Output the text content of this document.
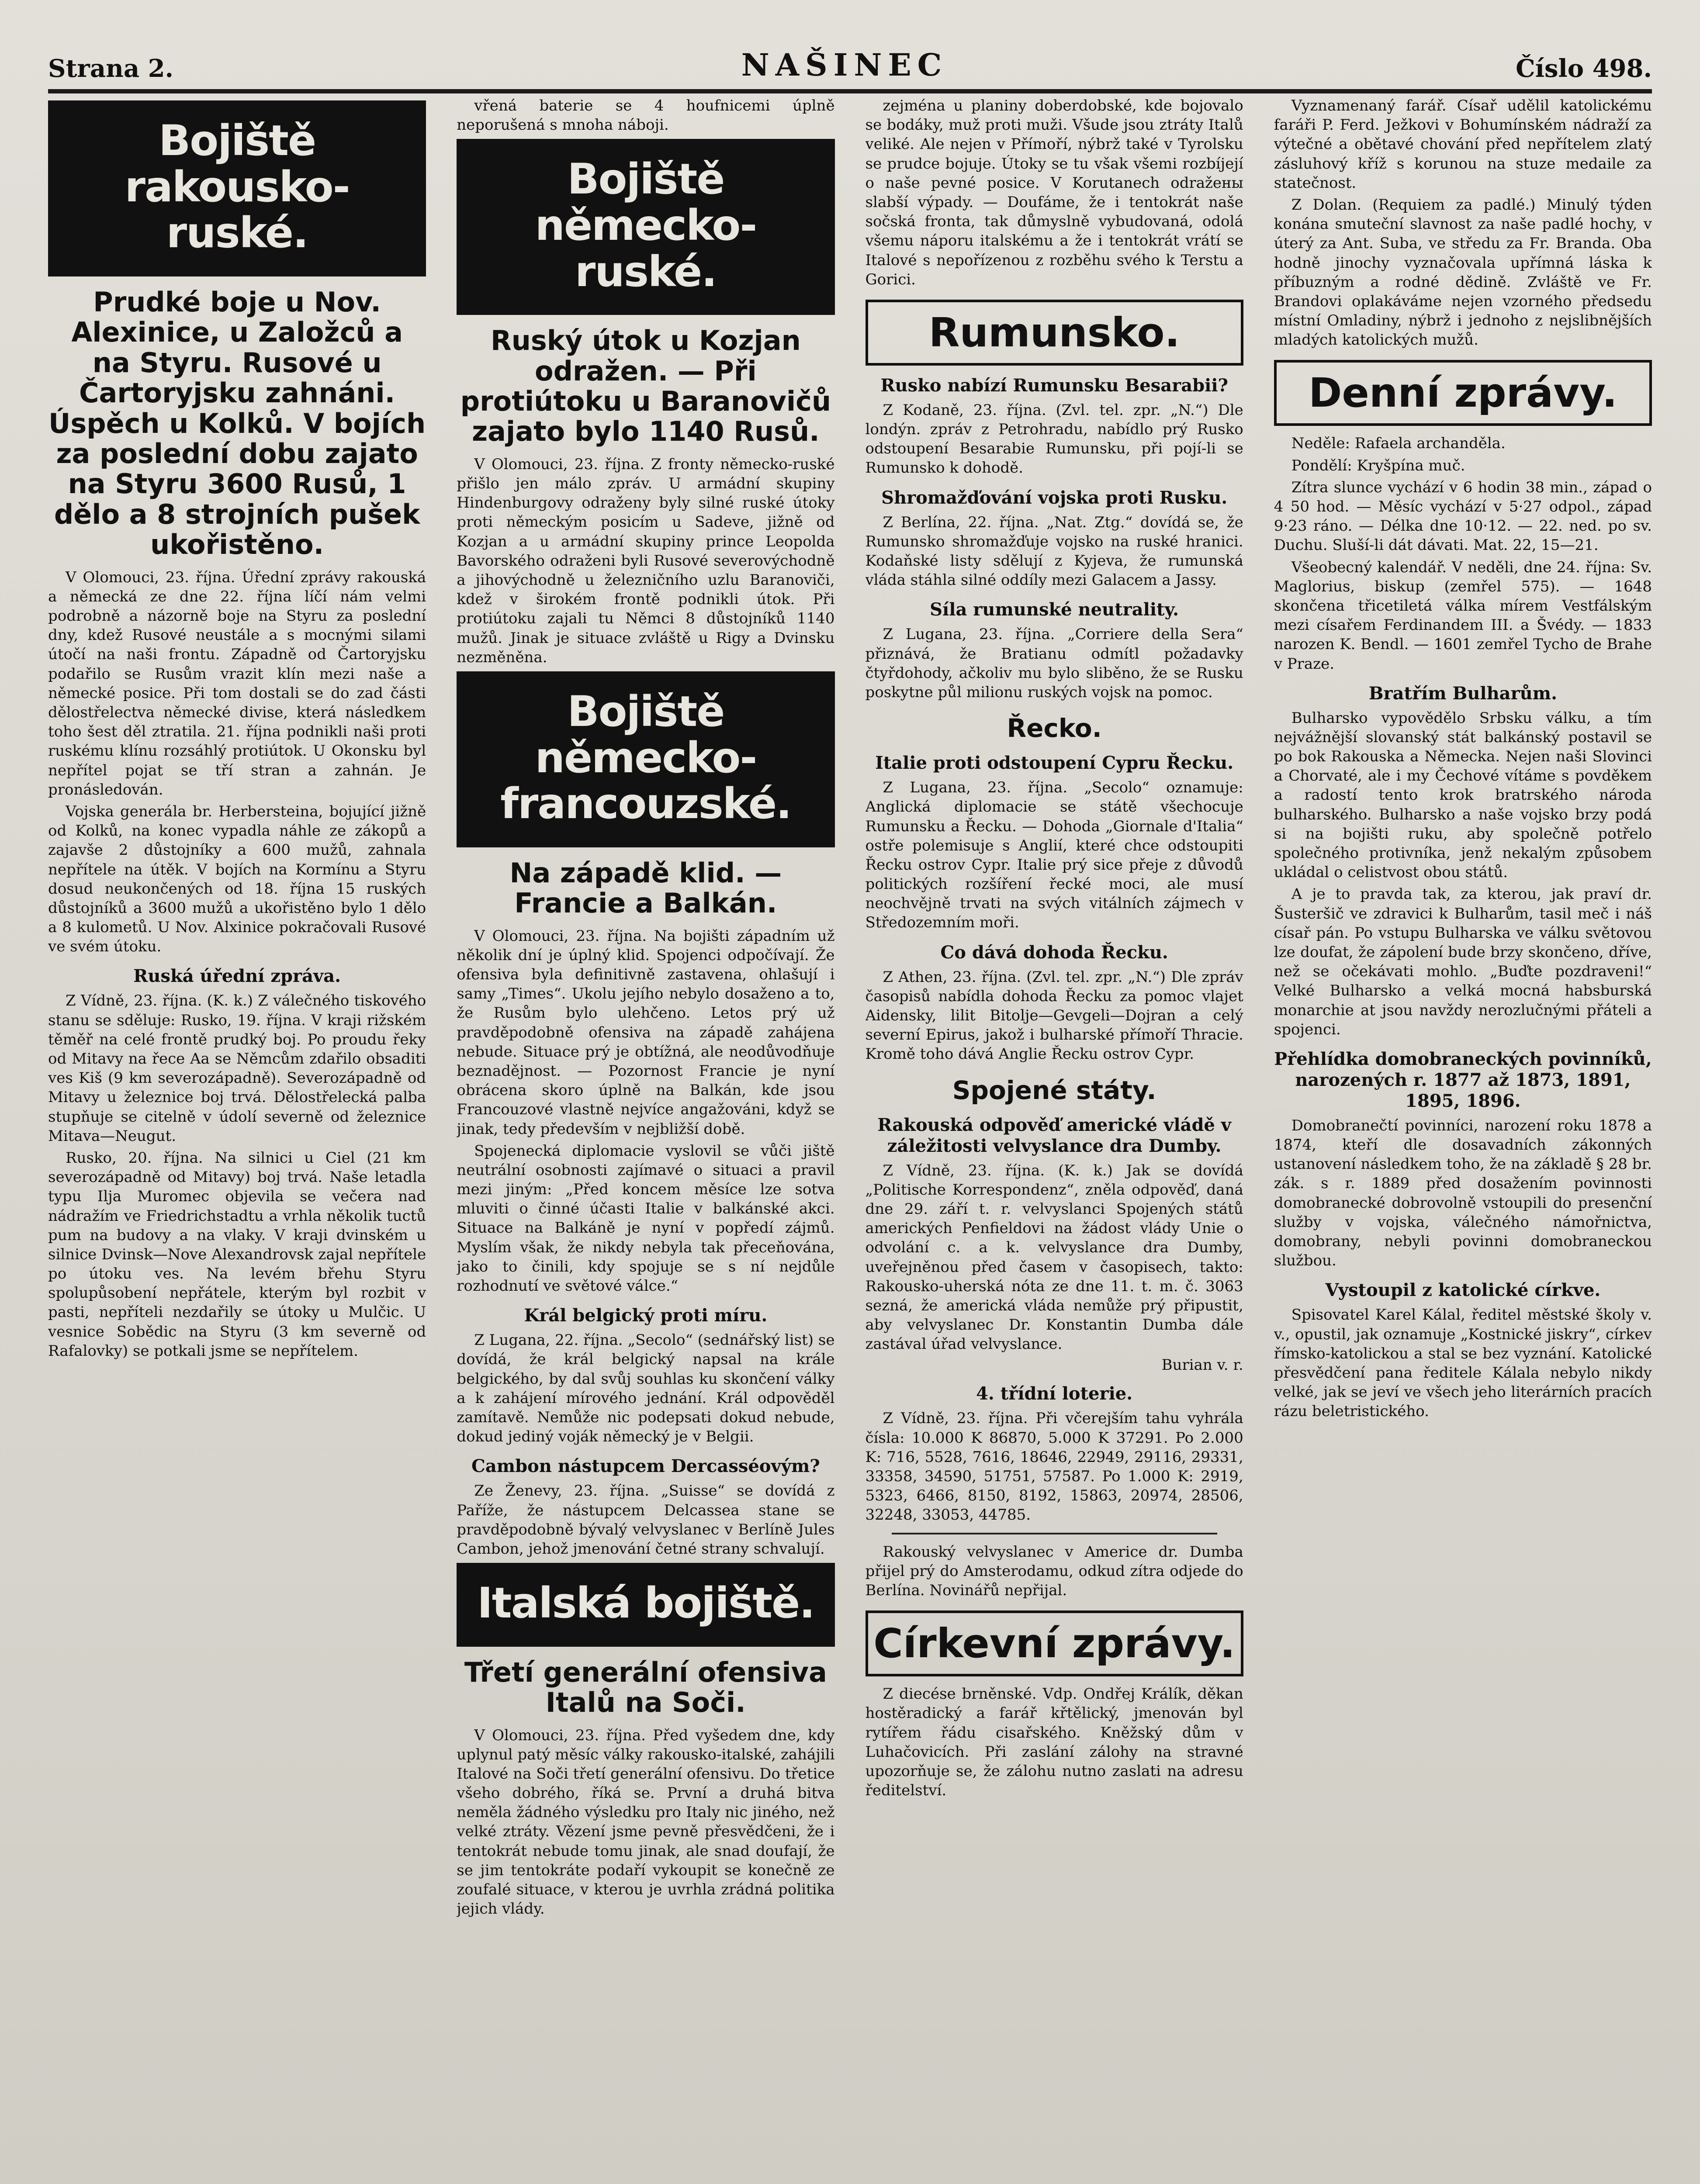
Strana 2.	NAŠINEC	Číslo 498.
Bojiště rakousko-ruské.
Prudké boje u Nov. Alexinice, u Založců a na Styru. Rusové u Čartoryjsku zahnáni. Úspěch u Kolků. V bojích za poslední dobu zajato na Styru 3600 Rusů, 1 dělo a 8 strojních pušek ukořistěno.

V Olomouci, 23. října. Úřední zprávy rakouská a německá ze dne 22. října líčí nám velmi podrobně a názorně boje na Styru za poslední dny, kdež Rusové neustále a s mocnými silami útočí na naši frontu. Západně od Čartoryjsku podařilo se Rusům vrazit klín mezi naše a německé posice. Při tom dostali se do zad části dělostřelectva německé divise, která následkem toho šest děl ztratila. 21. října podnikli naši proti ruskému klínu rozsáhlý protiútok. U Okonsku byl nepřítel pojat se tří stran a zahnán. Je pronásledován.

Vojska generála br. Herbersteina, bojující jižně od Kolků, na konec vypadla náhle ze zákopů a zajavše 2 důstojníky a 600 mužů, zahnala nepřítele na útěk. V bojích na Kormínu a Styru dosud neukončených od 18. října 15 ruských důstojníků a 3600 mužů a ukořistěno bylo 1 dělo a 8 kulometů. U Nov. Alxinice pokračovali Rusové ve svém útoku.

Ruská úřední zpráva.

Z Vídně, 23. října. (K. k.) Z válečného tiskového stanu se sděluje: Rusko, 19. října. V kraji rižském těměř na celé frontě prudký boj. Po proudu řeky od Mitavy na řece Aa se Němcům zdařilo obsaditi ves Kiš (9 km severozápadně). Severozápadně od Mitavy u železnice boj trvá. Dělostřelecká palba stupňuje se citelně v údolí severně od železnice Mitava—Neugut.

Rusko, 20. října. Na silnici u Ciel (21 km severozápadně od Mitavy) boj trvá. Naše letadla typu Ilja Muromec objevila se večera nad nádražím ve Friedrichstadtu a vrhla několik tuctů pum na budovy a na vlaky. V kraji dvinském u silnice Dvinsk—Nove Alexandrovsk zajal nepřítele po útoku ves. Na levém břehu Styru spolupůsobení nepřátele, kterým byl rozbit v pasti, nepříteli nezdařily se útoky u Mulčic. U vesnice Sobědic na Styru (3 km severně od Rafalovky) se potkali jsme se nepřítelem.

vřená baterie se 4 houfnicemi úplně neporušená s mnoha náboji.

Bojiště německo-ruské.
Ruský útok u Kozjan odražen. — Při protiútoku u Baranovičů zajato bylo 1140 Rusů.

V Olomouci, 23. října. Z fronty německo-ruské přišlo jen málo zpráv. U armádní skupiny Hindenburgovy odraženy byly silné ruské útoky proti německým posicím u Sadeve, jižně od Kozjan a u armádní skupiny prince Leopolda Bavorského odraženi byli Rusové severovýchodně a jihovýchodně u železničního uzlu Baranoviči, kdež v širokém frontě podnikli útok. Při protiútoku zajali tu Němci 8 důstojníků 1140 mužů. Jinak je situace zvláště u Rigy a Dvinsku nezměněna.

Bojiště německo-francouzské.
Na západě klid. — Francie a Balkán.

V Olomouci, 23. října. Na bojišti západním už několik dní je úplný klid. Spojenci odpočívají. Že ofensiva byla definitivně zastavena, ohlašují i samy „Times“. Ukolu jejího nebylo dosaženo a to, že Rusům bylo ulehčeno. Letos prý už pravděpodobně ofensiva na západě zahájena nebude. Situace prý je obtížná, ale neodůvodňuje beznadějnost. — Pozornost Francie je nyní obrácena skoro úplně na Balkán, kde jsou Francouzové vlastně nejvíce angažováni, když se jinak, tedy především v nejbližší době.

Spojenecká diplomacie vyslovil se vůči jiště neutrální osobnosti zajímavé o situaci a pravil mezi jiným: „Před koncem měsíce lze sotva mluviti o činné účasti Italie v balkánské akci. Situace na Balkáně je nyní v popředí zájmů. Myslím však, že nikdy nebyla tak přeceňována, jako to činili, kdy spojuje se s ní nejdůle rozhodnutí ve světové válce.“

Král belgický proti míru.

Z Lugana, 22. října. „Secolo“ (sednářský list) se dovídá, že král belgický napsal na krále belgického, by dal svůj souhlas ku skončení války a k zahájení mírového jednání. Král odpověděl zamítavě. Nemůže nic podepsati dokud nebude, dokud jediný voják německý je v Belgii.

Cambon nástupcem Dercasséovým?

Ze Ženevy, 23. října. „Suisse“ se dovídá z Paříže, že nástupcem Delcassea stane se pravděpodobně bývalý velvyslanec v Berlíně Jules Cambon, jehož jmenování četné strany schvalují.

Italská bojiště.
Třetí generální ofensiva Italů na Soči.

V Olomouci, 23. října. Před vyšedem dne, kdy uplynul patý měsíc války rakousko-italské, zahájili Italové na Soči třetí generální ofensivu. Do třetice všeho dobrého, říká se. První a druhá bitva neměla žádného výsledku pro Italy nic jiného, než velké ztráty. Vězení jsme pevně přesvědčeni, že i tentokrát nebude tomu jinak, ale snad doufají, že se jim tentokráte podaří vykoupit se konečně ze zoufalé situace, v kterou je uvrhla zrádná politika jejich vlády.

zejména u planiny doberdobské, kde bojovalo se bodáky, muž proti muži. Všude jsou ztráty Italů veliké. Ale nejen v Přímoří, nýbrž také v Tyrolsku se prudce bojuje. Útoky se tu však všemi rozbíjejí o naše pevné posice. V Korutanech odražены slabší výpady. — Doufáme, že i tentokrát naše sočská fronta, tak důmyslně vybudovaná, odolá všemu náporu italskému a že i tentokrát vrátí se Italové s nepořízenou z rozběhu svého k Terstu a Gorici.

Rumunsko.
Rusko nabízí Rumunsku Besarabii?

Z Kodaně, 23. října. (Zvl. tel. zpr. „N.“) Dle londýn. zpráv z Petrohradu, nabídlo prý Rusko odstoupení Besarabie Rumunsku, při pojí-li se Rumunsko k dohodě.

Shromažďování vojska proti Rusku.

Z Berlína, 22. října. „Nat. Ztg.“ dovídá se, že Rumunsko shromažďuje vojsko na ruské hranici. Kodaňské listy sdělují z Kyjeva, že rumunská vláda stáhla silné oddíly mezi Galacem a Jassy.

Síla rumunské neutrality.

Z Lugana, 23. října. „Corriere della Sera“ přiznává, že Bratianu odmítl požadavky čtyřdohody, ačkoliv mu bylo sliběno, že se Rusku poskytne půl milionu ruských vojsk na pomoc.

Řecko.
Italie proti odstoupení Cypru Řecku.

Z Lugana, 23. října. „Secolo“ oznamuje: Anglická diplomacie se státě všechocuje Rumunsku a Řecku. — Dohoda „Giornale d'Italia“ ostře polemisuje s Anglií, které chce odstoupiti Řecku ostrov Cypr. Italie prý sice přeje z důvodů politických rozšíření řecké moci, ale musí neochvějně trvati na svých vitálních zájmech v Středozemním moři.

Co dává dohoda Řecku.

Z Athen, 23. října. (Zvl. tel. zpr. „N.“) Dle zpráv časopisů nabídla dohoda Řecku za pomoc vlajet Aidensky, lilit Bitolje—Gevgeli—Dojran a celý severní Epirus, jakož i bulharské přímoří Thracie. Kromě toho dává Anglie Řecku ostrov Cypr.

Spojené státy.
Rakouská odpověď americké vládě v záležitosti velvyslance dra Dumby.

Z Vídně, 23. října. (K. k.) Jak se dovídá „Politische Korrespondenz“, zněla odpověď, daná dne 29. září t. r. velvyslanci Spojených států amerických Penfieldovi na žádost vlády Unie o odvolání c. a k. velvyslance dra Dumby, uveřejněnou před časem v časopisech, takto: Rakousko-uherská nóta ze dne 11. t. m. č. 3063 sezná, že americká vláda nemůže prý připustit, aby velvyslanec Dr. Konstantin Dumba dále zastával úřad velvyslance.

Burian v. r.
4. třídní loterie.

Z Vídně, 23. října. Při včerejším tahu vyhrála čísla: 10.000 K 86870, 5.000 K 37291. Po 2.000 K: 716, 5528, 7616, 18646, 22949, 29116, 29331, 33358, 34590, 51751, 57587. Po 1.000 K: 2919, 5323, 6466, 8150, 8192, 15863, 20974, 28506, 32248, 33053, 44785.

Rakouský velvyslanec v Americe dr. Dumba přijel prý do Amsterodamu, odkud zítra odjede do Berlína. Novinářů nepřijal.

Církevní zprávy.

Z diecése brněnské. Vdp. Ondřej Králík, děkan hostěradický a farář křtělický, jmenován byl rytířem řádu cisařského. Kněžský dům v Luhačovicích. Při zaslání zálohy na stravné upozorňuje se, že zálohu nutno zaslati na adresu ředitelství.

Vyznamenaný farář. Císař udělil katolickému faráři P. Ferd. Ježkovi v Bohumínském nádraží za výtečné a obětavé chování před nepřítelem zlatý zásluhový kříž s korunou na stuze medaile za statečnost.

Z Dolan. (Requiem za padlé.) Minulý týden konána smuteční slavnost za naše padlé hochy, v úterý za Ant. Suba, ve středu za Fr. Branda. Oba hodně jinochy vyznačovala upřímná láska k příbuzným a rodné dědině. Zvláště ve Fr. Brandovi oplakáváme nejen vzorného předsedu místní Omladiny, nýbrž i jednoho z nejslibnějších mladých katolických mužů.

Denní zprávy.

Neděle: Rafaela archanděla.

Pondělí: Kryšpína muč.

Zítra slunce vychází v 6 hodin 38 min., západ o 4 50 hod. — Měsíc vychází v 5·27 odpol., západ 9·23 ráno. — Délka dne 10·12. — 22. ned. po sv. Duchu. Sluší-li dát dávati. Mat. 22, 15—21.

Všeobecný kalendář. V neděli, dne 24. října: Sv. Maglorius, biskup (zemřel 575). — 1648 skončena třicetiletá válka mírem Vestfálským mezi císařem Ferdinandem III. a Švédy. — 1833 narozen K. Bendl. — 1601 zemřel Tycho de Brahe v Praze.

Bratřím Bulharům.

Bulharsko vypovědělo Srbsku válku, a tím nejvážnější slovanský stát balkánský postavil se po bok Rakouska a Německa. Nejen naši Slovinci a Chorvaté, ale i my Čechové vítáme s povděkem a radostí tento krok bratrského národa bulharského. Bulharsko a naše vojsko brzy podá si na bojišti ruku, aby společně potřelo společného protivníka, jenž nekalým způsobem ukládal o celistvost obou států.

A je to pravda tak, za kterou, jak praví dr. Šusteršič ve zdravici k Bulharům, tasil meč i náš císař pán. Po vstupu Bulharska ve válku světovou lze doufat, že zápolení bude brzy skončeno, dříve, než se očekávati mohlo. „Buďte pozdraveni!“ Velké Bulharsko a velká mocná habsburská monarchie at jsou navždy nerozlučnými přáteli a spojenci.

Přehlídka domobraneckých povinníků, narozených r. 1877 až 1873, 1891, 1895, 1896.

Domobranečtí povinníci, narození roku 1878 a 1874, kteří dle dosavadních zákonných ustanovení následkem toho, že na základě § 28 br. zák. s r. 1889 před dosažením povinnosti domobranecké dobrovolně vstoupili do presenční služby v vojska, válečného námořnictva, domobrany, nebyli povinni domobraneckou službou.

Vystoupil z katolické církve.

Spisovatel Karel Kálal, ředitel městské školy v. v., opustil, jak oznamuje „Kostnické jiskry“, církev římsko-katolickou a stal se bez vyznání. Katolické přesvědčení pana ředitele Kálala nebylo nikdy velké, jak se jeví ve všech jeho literárních pracích rázu beletristického.
